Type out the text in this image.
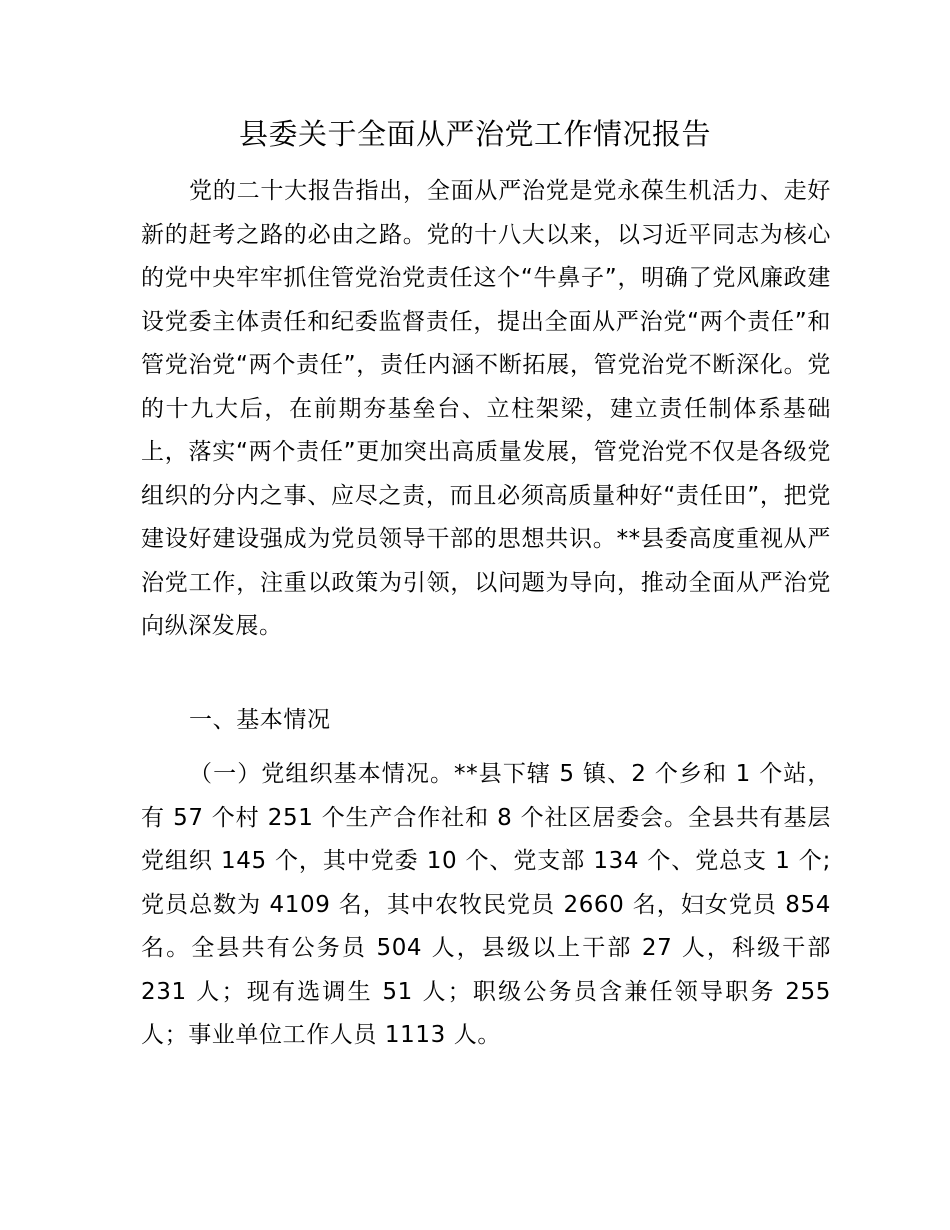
县委关于全面从严治党工作情况报告

党的二十大报告指出，全面从严治党是党永葆生机活力、走好新的赶考之路的必由之路。党的十八大以来，以习近平同志为核心的党中央牢牢抓住管党治党责任这个“牛鼻子”，明确了党风廉政建设党委主体责任和纪委监督责任，提出全面从严治党“两个责任”和管党治党“两个责任”，责任内涵不断拓展，管党治党不断深化。党的十九大后，在前期夯基垒台、立柱架梁，建立责任制体系基础上，落实“两个责任”更加突出高质量发展，管党治党不仅是各级党组织的分内之事、应尽之责，而且必须高质量种好“责任田”，把党建设好建设强成为党员领导干部的思想共识。**县委高度重视从严治党工作，注重以政策为引领，以问题为导向，推动全面从严治党向纵深发展。

一、基本情况

（一）党组织基本情况。**县下辖 5 镇、2 个乡和 1 个站，有 57 个村 251 个生产合作社和 8 个社区居委会。全县共有基层党组织 145 个，其中党委 10 个、党支部 134 个、党总支 1 个;党员总数为 4109 名，其中农牧民党员 2660 名，妇女党员 854 名。全县共有公务员 504 人，县级以上干部 27 人，科级干部 231 人；现有选调生 51 人；职级公务员含兼任领导职务 255 人；事业单位工作人员 1113 人。
